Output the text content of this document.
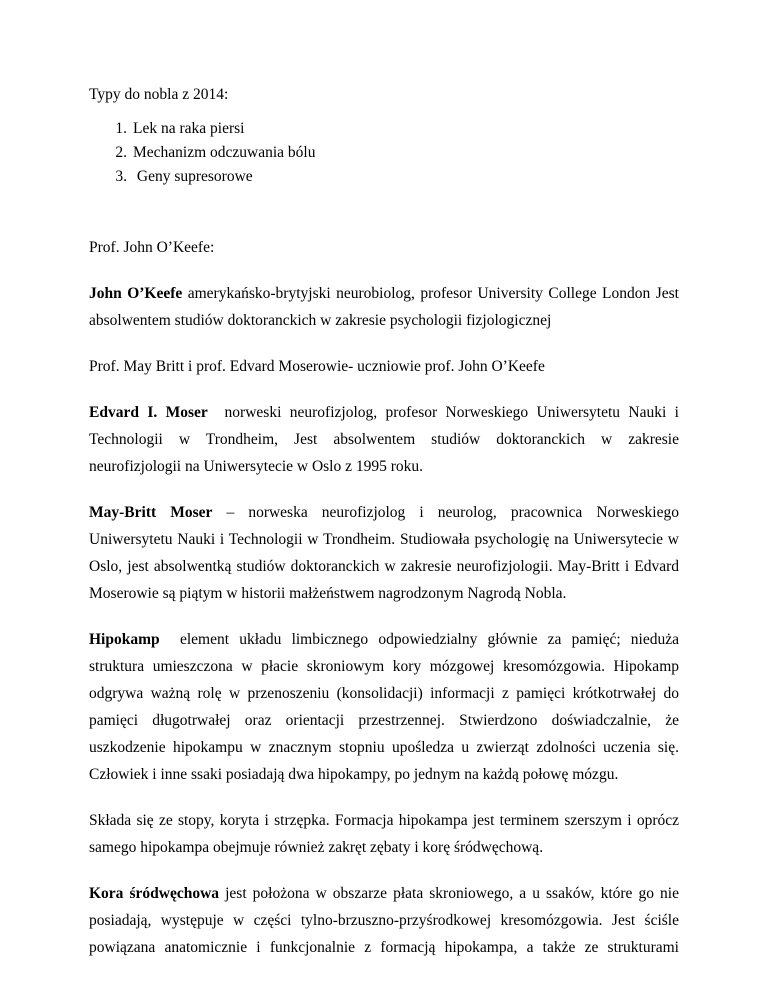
Typy do nobla z 2014:
1. Lek na raka piersi
2. Mechanizm odczuwania bólu
3. Geny supresorowe
Prof. John O’Keefe:
John O’Keefe amerykańsko-brytyjski neurobiolog, profesor University College London Jest
absolwentem studiów doktoranckich w zakresie psychologii fizjologicznej
Prof. May Britt i prof. Edvard Moserowie- uczniowie prof. John O’Keefe
Edvard I. Moser  norweski neurofizjolog, profesor Norweskiego Uniwersytetu Nauki i
Technologii w Trondheim, Jest absolwentem studiów doktoranckich w zakresie
neurofizjologii na Uniwersytecie w Oslo z 1995 roku.
May-Britt Moser – norweska neurofizjolog i neurolog, pracownica Norweskiego
Uniwersytetu Nauki i Technologii w Trondheim. Studiowała psychologię na Uniwersytecie w
Oslo, jest absolwentką studiów doktoranckich w zakresie neurofizjologii. May-Britt i Edvard
Moserowie są piątym w historii małżeństwem nagrodzonym Nagrodą Nobla.
Hipokamp  element układu limbicznego odpowiedzialny głównie za pamięć; nieduża
struktura umieszczona w płacie skroniowym kory mózgowej kresomózgowia. Hipokamp
odgrywa ważną rolę w przenoszeniu (konsolidacji) informacji z pamięci krótkotrwałej do
pamięci długotrwałej oraz orientacji przestrzennej. Stwierdzono doświadczalnie, że
uszkodzenie hipokampu w znacznym stopniu upośledza u zwierząt zdolności uczenia się.
Człowiek i inne ssaki posiadają dwa hipokampy, po jednym na każdą połowę mózgu.
Składa się ze stopy, koryta i strzępka. Formacja hipokampa jest terminem szerszym i oprócz
samego hipokampa obejmuje również zakręt zębaty i korę śródwęchową.
Kora śródwęchowa jest położona w obszarze płata skroniowego, a u ssaków, które go nie
posiadają, występuje w części tylno-brzuszno-przyśrodkowej kresomózgowia. Jest ściśle
powiązana anatomicznie i funkcjonalnie z formacją hipokampa, a także ze strukturami
